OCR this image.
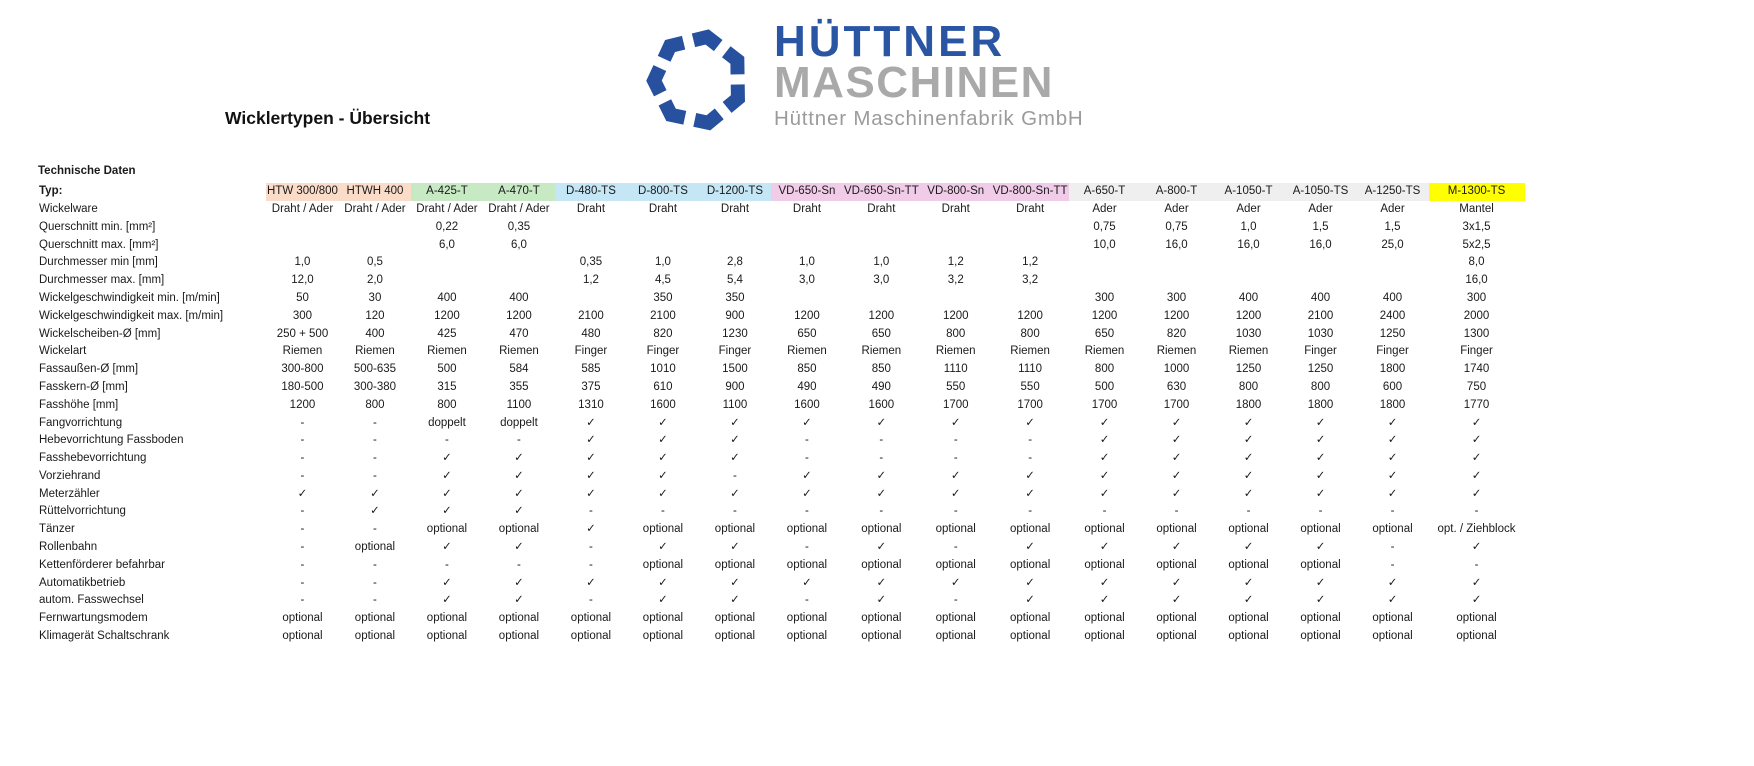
HÜTTNER
MASCHINEN
Hüttner Maschinenfabrik GmbH
Wicklertypen - Übersicht
Technische Daten
Typ:	HTW 300/800	HTWH 400	A-425-T	A-470-T	D-480-TS	D-800-TS	D-1200-TS	VD-650-Sn	VD-650-Sn-TT	VD-800-Sn	VD-800-Sn-TT	A-650-T	A-800-T	A-1050-T	A-1050-TS	A-1250-TS	M-1300-TS
Wickelware	Draht / Ader	Draht / Ader	Draht / Ader	Draht / Ader	Draht	Draht	Draht	Draht	Draht	Draht	Draht	Ader	Ader	Ader	Ader	Ader	Mantel
Querschnitt min. [mm²]			0,22	0,35								0,75	0,75	1,0	1,5	1,5	3x1,5
Querschnitt max. [mm²]			6,0	6,0								10,0	16,0	16,0	16,0	25,0	5x2,5
Durchmesser min [mm]	1,0	0,5			0,35	1,0	2,8	1,0	1,0	1,2	1,2						8,0
Durchmesser max. [mm]	12,0	2,0			1,2	4,5	5,4	3,0	3,0	3,2	3,2						16,0
Wickelgeschwindigkeit min. [m/min]	50	30	400	400		350	350					300	300	400	400	400	300
Wickelgeschwindigkeit max. [m/min]	300	120	1200	1200	2100	2100	900	1200	1200	1200	1200	1200	1200	1200	2100	2400	2000
Wickelscheiben-Ø [mm]	250 + 500	400	425	470	480	820	1230	650	650	800	800	650	820	1030	1030	1250	1300
Wickelart	Riemen	Riemen	Riemen	Riemen	Finger	Finger	Finger	Riemen	Riemen	Riemen	Riemen	Riemen	Riemen	Riemen	Finger	Finger	Finger
Fassaußen-Ø [mm]	300-800	500-635	500	584	585	1010	1500	850	850	1110	1110	800	1000	1250	1250	1800	1740
Fasskern-Ø [mm]	180-500	300-380	315	355	375	610	900	490	490	550	550	500	630	800	800	600	750
Fasshöhe [mm]	1200	800	800	1100	1310	1600	1100	1600	1600	1700	1700	1700	1700	1800	1800	1800	1770
Fangvorrichtung	-	-	doppelt	doppelt	✓	✓	✓	✓	✓	✓	✓	✓	✓	✓	✓	✓	✓
Hebevorrichtung Fassboden	-	-	-	-	✓	✓	✓	-	-	-	-	✓	✓	✓	✓	✓	✓
Fasshebevorrichtung	-	-	✓	✓	✓	✓	✓	-	-	-	-	✓	✓	✓	✓	✓	✓
Vorziehrand	-	-	✓	✓	✓	✓	-	✓	✓	✓	✓	✓	✓	✓	✓	✓	✓
Meterzähler	✓	✓	✓	✓	✓	✓	✓	✓	✓	✓	✓	✓	✓	✓	✓	✓	✓
Rüttelvorrichtung	-	✓	✓	✓	-	-	-	-	-	-	-	-	-	-	-	-	-
Tänzer	-	-	optional	optional	✓	optional	optional	optional	optional	optional	optional	optional	optional	optional	optional	optional	opt. / Ziehblock
Rollenbahn	-	optional	✓	✓	-	✓	✓	-	✓	-	✓	✓	✓	✓	✓	-	✓
Kettenförderer befahrbar	-	-	-	-	-	optional	optional	optional	optional	optional	optional	optional	optional	optional	optional	-	-
Automatikbetrieb	-	-	✓	✓	✓	✓	✓	✓	✓	✓	✓	✓	✓	✓	✓	✓	✓
autom. Fasswechsel	-	-	✓	✓	-	✓	✓	-	✓	-	✓	✓	✓	✓	✓	✓	✓
Fernwartungsmodem	optional	optional	optional	optional	optional	optional	optional	optional	optional	optional	optional	optional	optional	optional	optional	optional	optional
Klimagerät Schaltschrank	optional	optional	optional	optional	optional	optional	optional	optional	optional	optional	optional	optional	optional	optional	optional	optional	optional
